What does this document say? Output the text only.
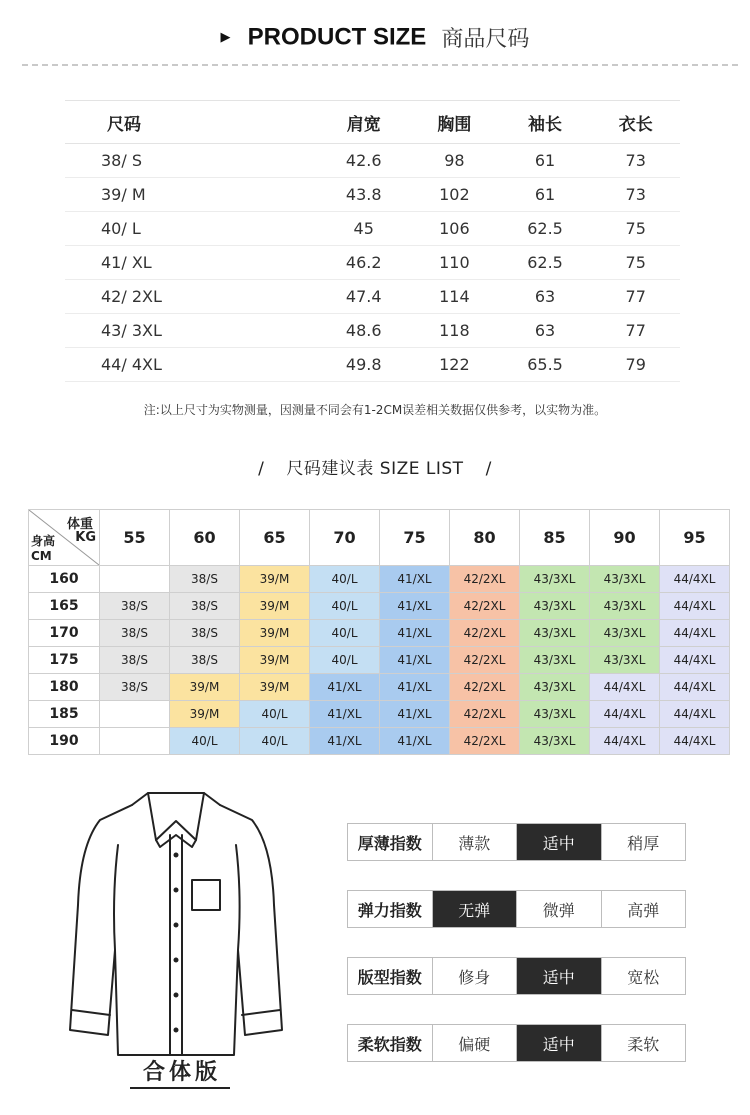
▶ PRODUCT SIZE 商品尺码
尺码	肩宽	胸围	袖长	衣长
38/ S	42.6	98	61	73
39/ M	43.8	102	61	73
40/ L	45	106	62.5	75
41/ XL	46.2	110	62.5	75
42/ 2XL	47.4	114	63	77
43/ 3XL	48.6	118	63	77
44/ 4XL	49.8	122	65.5	79
注:以上尺寸为实物测量，因测量不同会有1-2CM误差相关数据仅供参考，以实物为准。
/ 尺码建议表 SIZE LIST /
体重
KG
身高
CM	55	60	65	70	75	80	85	90	95
160		38/S	39/M	40/L	41/XL	42/2XL	43/3XL	43/3XL	44/4XL
165	38/S	38/S	39/M	40/L	41/XL	42/2XL	43/3XL	43/3XL	44/4XL
170	38/S	38/S	39/M	40/L	41/XL	42/2XL	43/3XL	43/3XL	44/4XL
175	38/S	38/S	39/M	40/L	41/XL	42/2XL	43/3XL	43/3XL	44/4XL
180	38/S	39/M	39/M	41/XL	41/XL	42/2XL	43/3XL	44/4XL	44/4XL
185		39/M	40/L	41/XL	41/XL	42/2XL	43/3XL	44/4XL	44/4XL
190		40/L	40/L	41/XL	41/XL	42/2XL	43/3XL	44/4XL	44/4XL
合体版
厚薄指数	薄款	适中	稍厚
弹力指数	无弹	微弹	高弹
版型指数	修身	适中	宽松
柔软指数	偏硬	适中	柔软
